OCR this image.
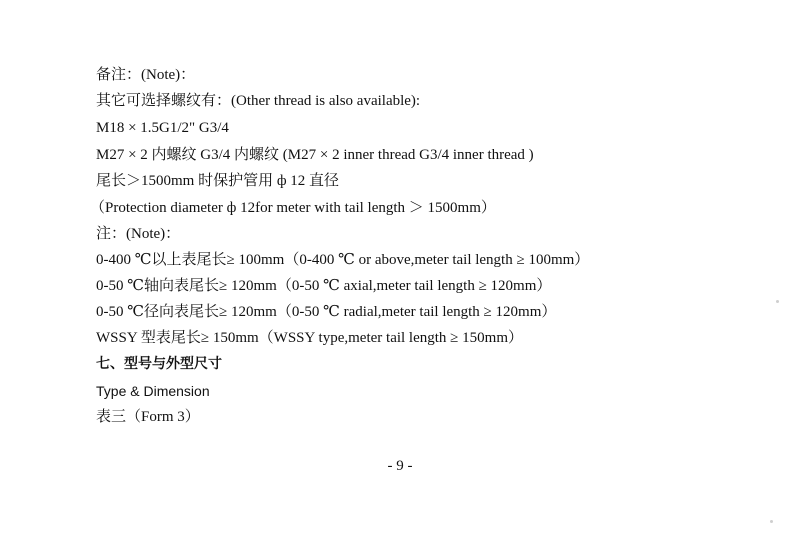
备注：(Note)：
其它可选择螺纹有：(Other thread is also available):
M18 × 1.5G1/2" G3/4
M27 × 2 内螺纹 G3/4 内螺纹 (M27 × 2 inner thread G3/4 inner thread )
尾长＞1500mm 时保护管用 ф 12 直径
（Protection diameter ф 12for meter with tail length ＞ 1500mm）
注：(Note)：
0-400 ℃以上表尾长≥ 100mm（0-400 ℃ or above,meter tail length ≥ 100mm）
0-50 ℃轴向表尾长≥ 120mm（0-50 ℃ axial,meter tail length ≥ 120mm）
0-50 ℃径向表尾长≥ 120mm（0-50 ℃ radial,meter tail length ≥ 120mm）
WSSY 型表尾长≥ 150mm（WSSY type,meter tail length ≥ 150mm）
七、型号与外型尺寸
Type & Dimension
表三（Form 3）
- 9 -
